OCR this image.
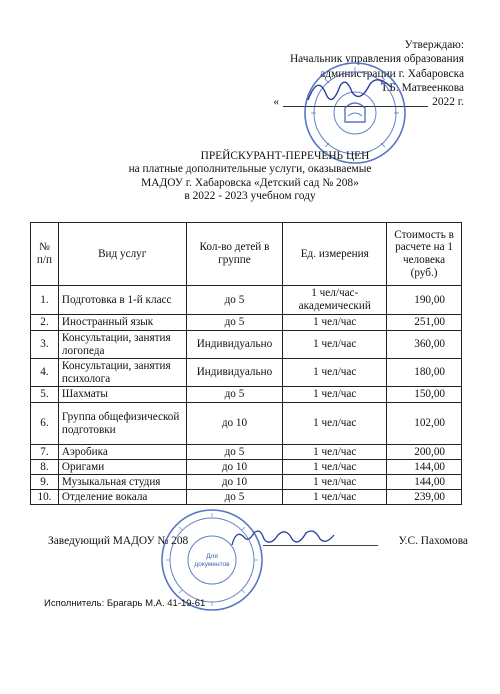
Утверждаю:
Начальник управления образования
администрации г. Хабаровска
Т.Б. Матвеенкова
«	2022 г.
ПРЕЙСКУРАНТ-ПЕРЕЧЕНЬ ЦЕН
на платные дополнительные услуги, оказываемые
МАДОУ г. Хабаровска «Детский сад № 208»
в 2022 - 2023 учебном году
№ п/п	Вид услуг	Кол-во детей в группе	Ед. измерения	Стоимость в расчете на 1 человека (руб.)
1.	Подготовка в 1-й класс	до 5	1 чел/час-академический	190,00
2.	Иностранный язык	до 5	1 чел/час	251,00
3.	Консультации, занятия логопеда	Индивидуально	1 чел/час	360,00
4.	Консультации, занятия психолога	Индивидуально	1 чел/час	180,00
5.	Шахматы	до 5	1 чел/час	150,00
6.	Группа общефизической подготовки	до 10	1 чел/час	102,00
7.	Аэробика	до 5	1 чел/час	200,00
8.	Оригами	до 10	1 чел/час	144,00
9.	Музыкальная студия	до 10	1 чел/час	144,00
10.	Отделение вокала	до 5	1 чел/час	239,00
Заведующий МАДОУ № 208	У.С. Пахомова
Для
документов
Исполнитель: Брагарь М.А. 41-19-61
